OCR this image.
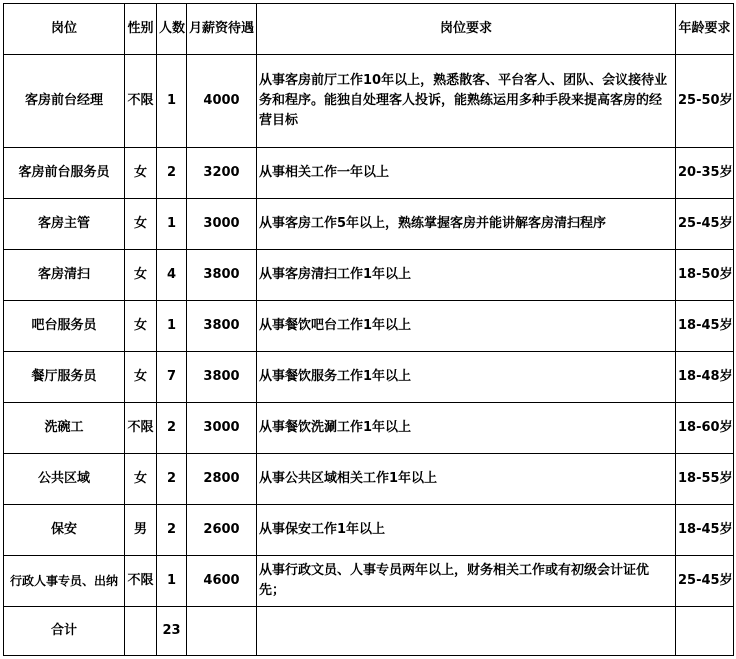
岗位	性别	人数	月薪资待遇	岗位要求	年龄要求
客房前台经理	不限	1	4000	从事客房前厅工作10年以上，熟悉散客、平台客人、团队、会议接待业务和程序。能独自处理客人投诉，能熟练运用多种手段来提高客房的经营目标	25-50岁
客房前台服务员	女	2	3200	从事相关工作一年以上	20-35岁
客房主管	女	1	3000	从事客房工作5年以上，熟练掌握客房并能讲解客房清扫程序	25-45岁
客房清扫	女	4	3800	从事客房清扫工作1年以上	18-50岁
吧台服务员	女	1	3800	从事餐饮吧台工作1年以上	18-45岁
餐厅服务员	女	7	3800	从事餐饮服务工作1年以上	18-48岁
洗碗工	不限	2	3000	从事餐饮洗涮工作1年以上	18-60岁
公共区域	女	2	2800	从事公共区域相关工作1年以上	18-55岁
保安	男	2	2600	从事保安工作1年以上	18-45岁
行政人事专员、出纳	不限	1	4600	从事行政文员、人事专员两年以上，财务相关工作或有初级会计证优先；	25-45岁
合计		23			
